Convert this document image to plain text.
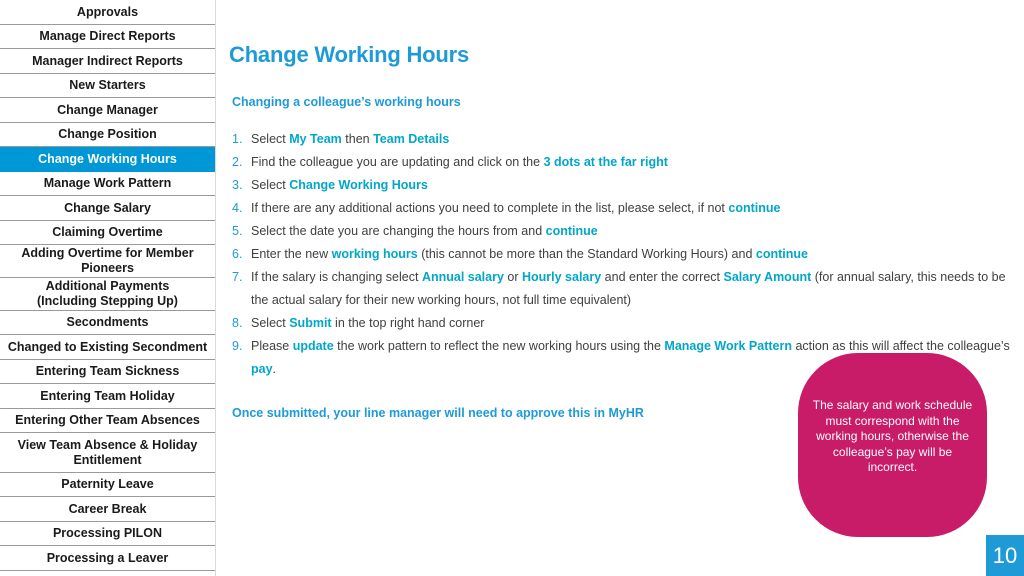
Approvals
Manage Direct Reports
Manager Indirect Reports
New Starters
Change Manager
Change Position
Change Working Hours
Manage Work Pattern
Change Salary
Claiming Overtime
Adding Overtime for Member Pioneers
Additional Payments
(Including Stepping Up)
Secondments
Changed to Existing Secondment
Entering Team Sickness
Entering Team Holiday
Entering Other Team Absences
View Team Absence & Holiday Entitlement
Paternity Leave
Career Break
Processing PILON
Processing a Leaver
Change Working Hours
Changing a colleague’s working hours
1. Select My Team then Team Details
2. Find the colleague you are updating and click on the 3 dots at the far right
3. Select Change Working Hours
4. If there are any additional actions you need to complete in the list, please select, if not continue
5. Select the date you are changing the hours from and continue
6. Enter the new working hours (this cannot be more than the Standard Working Hours) and continue
7. If the salary is changing select Annual salary or Hourly salary and enter the correct Salary Amount (for annual salary, this needs to be the actual salary for their new working hours, not full time equivalent)
8. Select Submit in the top right hand corner
9. Please update the work pattern to reflect the new working hours using the Manage Work Pattern action as this will affect the colleague’s pay.
Once submitted, your line manager will need to approve this in MyHR
The salary and work schedule must correspond with the working hours, otherwise the colleague’s pay will be incorrect.
10
